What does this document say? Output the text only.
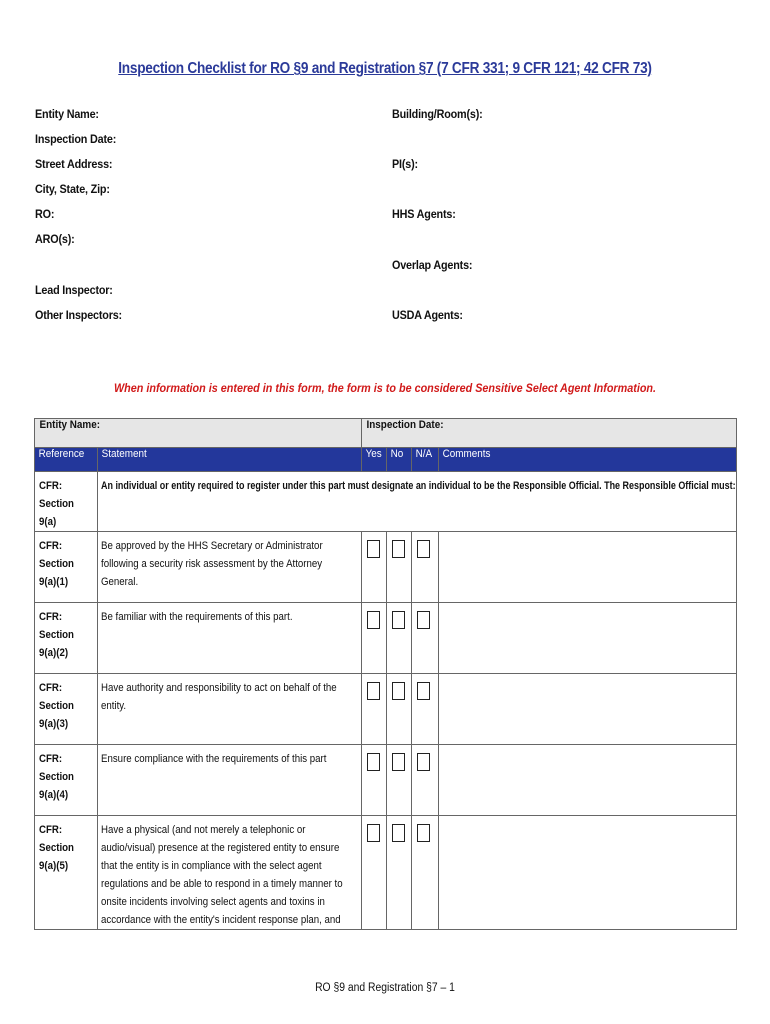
Inspection Checklist for RO §9 and Registration §7 (7 CFR 331; 9 CFR 121; 42 CFR 73)
Entity Name:
Inspection Date:
Street Address:
City, State, Zip:
RO:
ARO(s):
Lead Inspector:
Other Inspectors:
Building/Room(s):
PI(s):
HHS Agents:
Overlap Agents:
USDA Agents:
When information is entered in this form, the form is to be considered Sensitive Select Agent Information.
Entity Name:		Inspection Date:			
Reference	Statement	Yes	No	N/A	Comments
CFR: Section 9(a)	An individual or entity required to register under this part must designate an individual to be the Responsible Official. The Responsible Official must:				
CFR: Section 9(a)(1)	Be approved by the HHS Secretary or Administrator following a security risk assessment by the Attorney General.				
CFR: Section 9(a)(2)	Be familiar with the requirements of this part.				
CFR: Section 9(a)(3)	Have authority and responsibility to act on behalf of the entity.				
CFR: Section 9(a)(4)	Ensure compliance with the requirements of this part				
CFR: Section 9(a)(5)	Have a physical (and not merely a telephonic or audio/visual) presence at the registered entity to ensure that the entity is in compliance with the select agent regulations and be able to respond in a timely manner to onsite incidents involving select agents and toxins in accordance with the entity's incident response plan, and				
RO §9 and Registration §7 – 1
